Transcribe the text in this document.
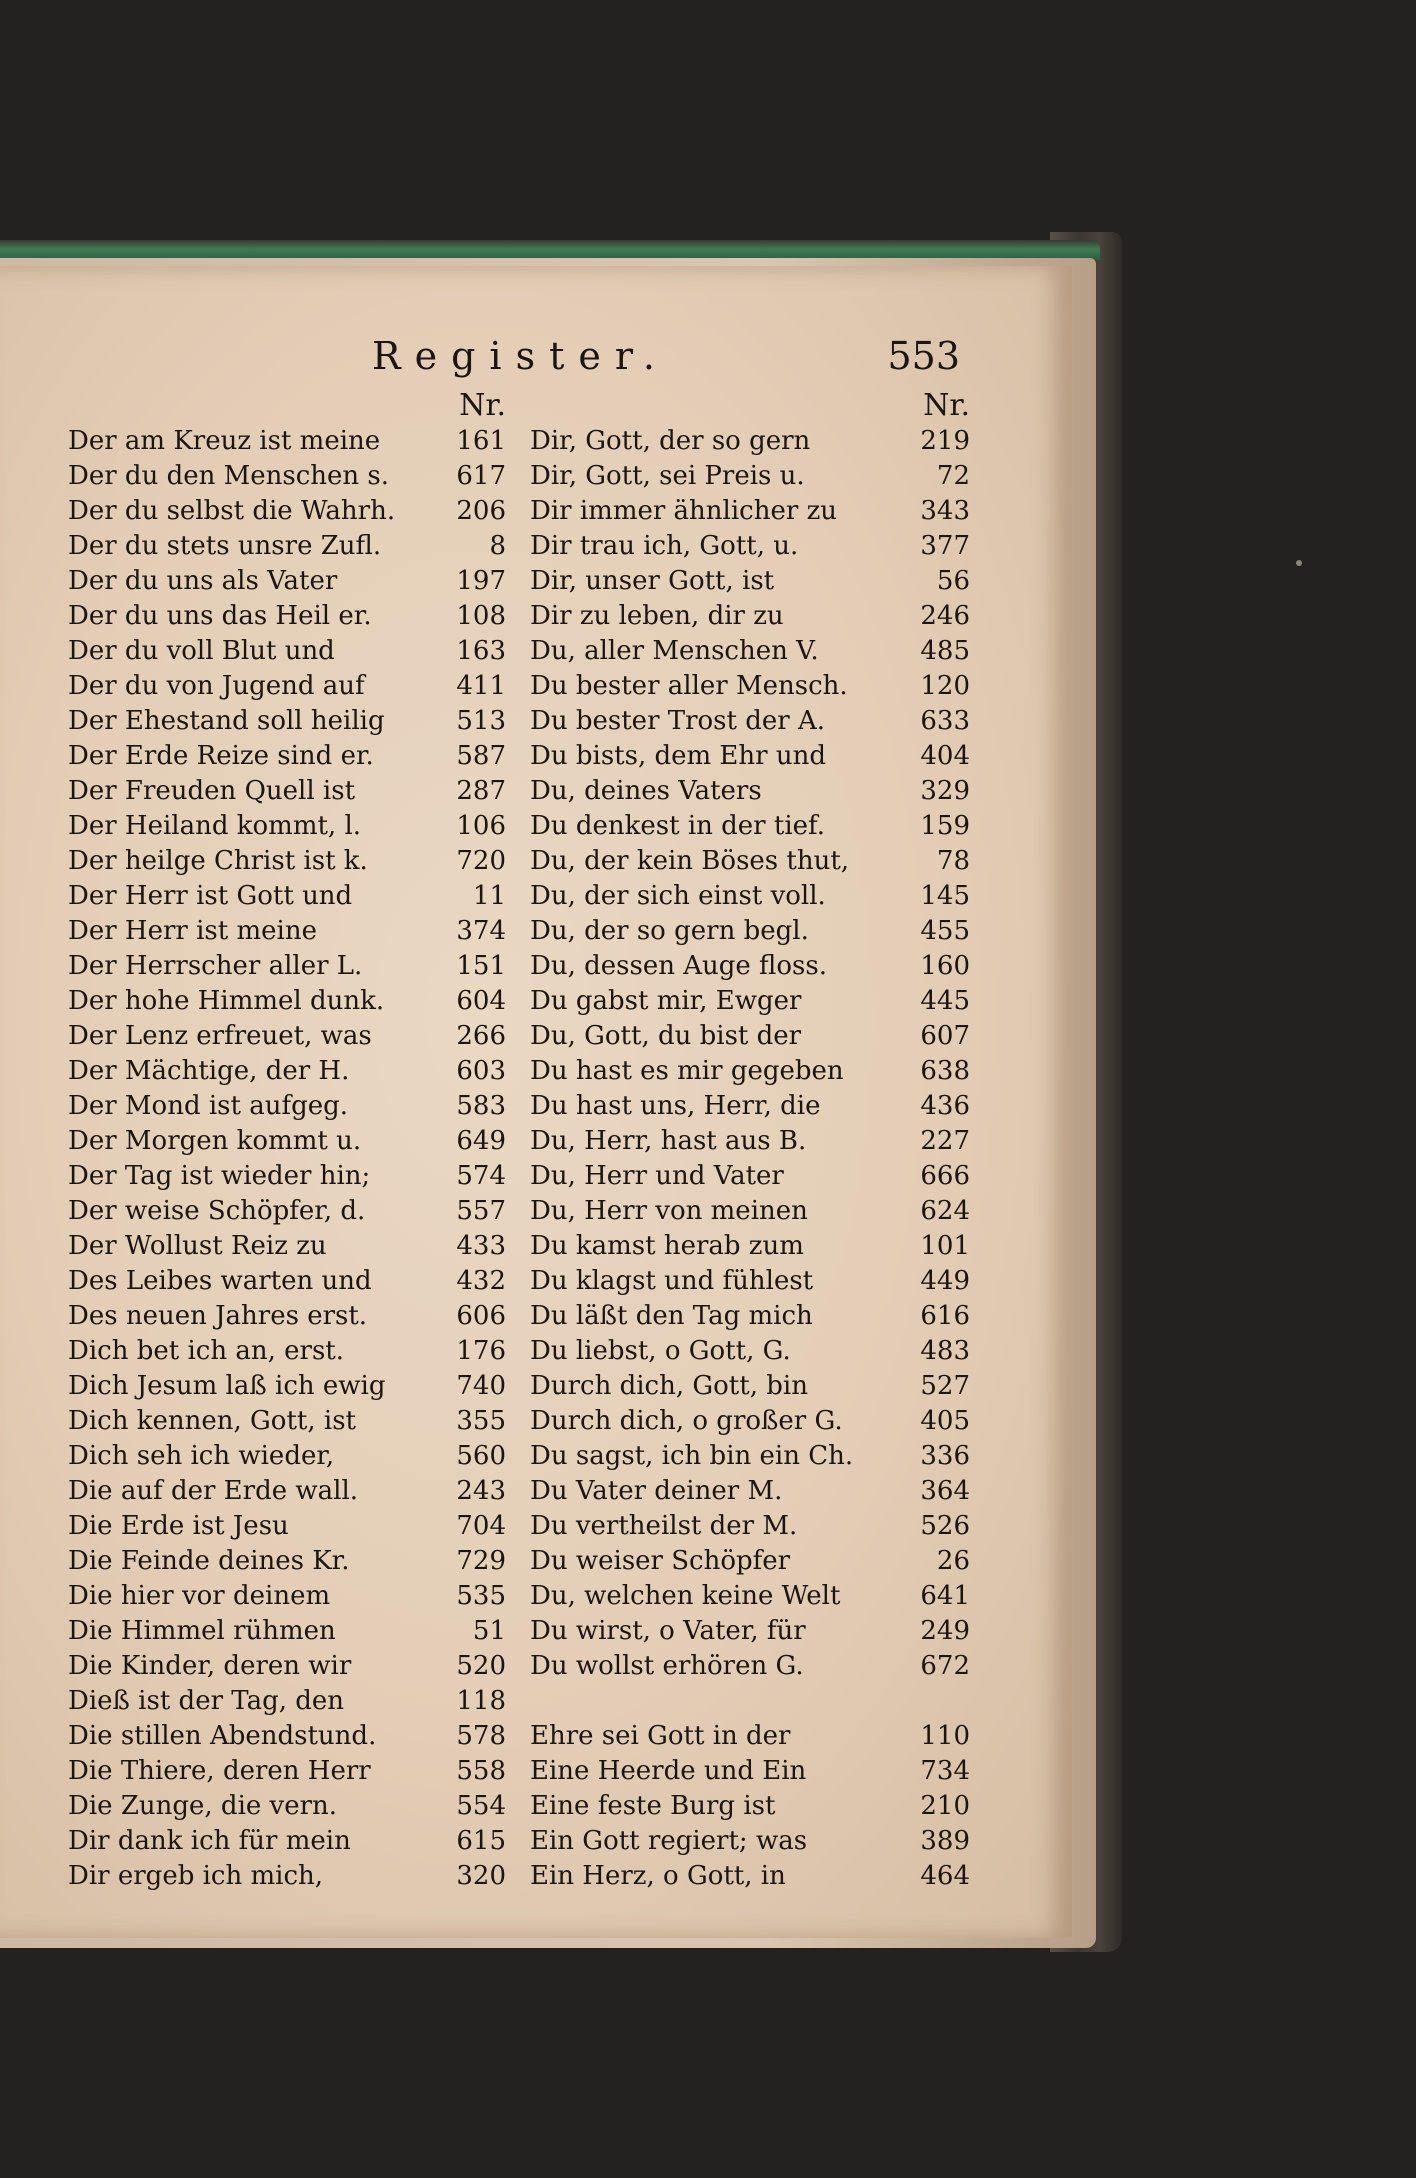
Register.	553
Nr.
Der am Kreuz ist meine	161
Der du den Menschen s.	617
Der du selbst die Wahrh.	206
Der du stets unsre Zufl.	8
Der du uns als Vater	197
Der du uns das Heil er.	108
Der du voll Blut und	163
Der du von Jugend auf	411
Der Ehestand soll heilig	513
Der Erde Reize sind er.	587
Der Freuden Quell ist	287
Der Heiland kommt, l.	106
Der heilge Christ ist k.	720
Der Herr ist Gott und	11
Der Herr ist meine	374
Der Herrscher aller L.	151
Der hohe Himmel dunk.	604
Der Lenz erfreuet, was	266
Der Mächtige, der H.	603
Der Mond ist aufgeg.	583
Der Morgen kommt u.	649
Der Tag ist wieder hin;	574
Der weise Schöpfer, d.	557
Der Wollust Reiz zu	433
Des Leibes warten und	432
Des neuen Jahres erst.	606
Dich bet ich an, erst.	176
Dich Jesum laß ich ewig	740
Dich kennen, Gott, ist	355
Dich seh ich wieder,	560
Die auf der Erde wall.	243
Die Erde ist Jesu	704
Die Feinde deines Kr.	729
Die hier vor deinem	535
Die Himmel rühmen	51
Die Kinder, deren wir	520
Dieß ist der Tag, den	118
Die stillen Abendstund.	578
Die Thiere, deren Herr	558
Die Zunge, die vern.	554
Dir dank ich für mein	615
Dir ergeb ich mich,	320
Nr.
Dir, Gott, der so gern	219
Dir, Gott, sei Preis u.	72
Dir immer ähnlicher zu	343
Dir trau ich, Gott, u.	377
Dir, unser Gott, ist	56
Dir zu leben, dir zu	246
Du, aller Menschen V.	485
Du bester aller Mensch.	120
Du bester Trost der A.	633
Du bists, dem Ehr und	404
Du, deines Vaters	329
Du denkest in der tief.	159
Du, der kein Böses thut,	78
Du, der sich einst voll.	145
Du, der so gern begl.	455
Du, dessen Auge floss.	160
Du gabst mir, Ewger	445
Du, Gott, du bist der	607
Du hast es mir gegeben	638
Du hast uns, Herr, die	436
Du, Herr, hast aus B.	227
Du, Herr und Vater	666
Du, Herr von meinen	624
Du kamst herab zum	101
Du klagst und fühlest	449
Du läßt den Tag mich	616
Du liebst, o Gott, G.	483
Durch dich, Gott, bin	527
Durch dich, o großer G.	405
Du sagst, ich bin ein Ch.	336
Du Vater deiner M.	364
Du vertheilst der M.	526
Du weiser Schöpfer	26
Du, welchen keine Welt	641
Du wirst, o Vater, für	249
Du wollst erhören G.	672
Ehre sei Gott in der	110
Eine Heerde und Ein	734
Eine feste Burg ist	210
Ein Gott regiert; was	389
Ein Herz, o Gott, in	464
